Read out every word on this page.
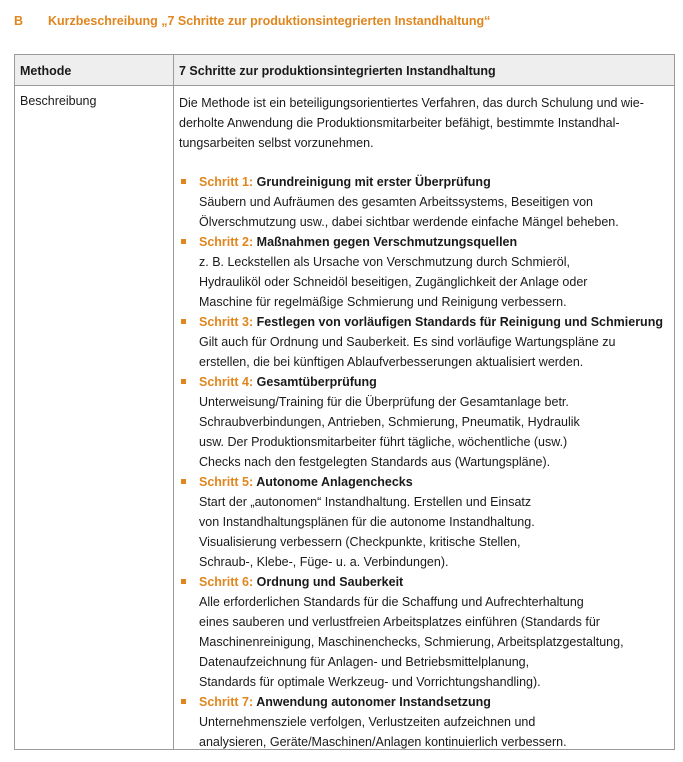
B Kurzbeschreibung „7 Schritte zur produktionsintegrierten Instandhaltung“
Methode	7 Schritte zur produktionsintegrierten Instandhaltung
Beschreibung	Die Methode ist ein beteiligungsorientiertes Verfahren, das durch Schulung und wie-
derholte Anwendung die Produktionsmitarbeiter befähigt, bestimmte Instandhal-
tungsarbeiten selbst vorzunehmen.
Schritt 1: Grundreinigung mit erster Überprüfung
Säubern und Aufräumen des gesamten Arbeitssystems, Beseitigen von
Ölverschmutzung usw., dabei sichtbar werdende einfache Mängel beheben.
Schritt 2: Maßnahmen gegen Verschmutzungsquellen
z. B. Leckstellen als Ursache von Verschmutzung durch Schmieröl,
Hydrauliköl oder Schneidöl beseitigen, Zugänglichkeit der Anlage oder
Maschine für regelmäßige Schmierung und Reinigung verbessern.
Schritt 3: Festlegen von vorläufigen Standards für Reinigung und Schmierung
Gilt auch für Ordnung und Sauberkeit. Es sind vorläufige Wartungspläne zu
erstellen, die bei künftigen Ablaufverbesserungen aktualisiert werden.
Schritt 4: Gesamtüberprüfung
Unterweisung/Training für die Überprüfung der Gesamtanlage betr.
Schraubverbindungen, Antrieben, Schmierung, Pneumatik, Hydraulik
usw. Der Produktionsmitarbeiter führt tägliche, wöchentliche (usw.)
Checks nach den festgelegten Standards aus (Wartungspläne).
Schritt 5: Autonome Anlagenchecks
Start der „autonomen“ Instandhaltung. Erstellen und Einsatz
von Instandhaltungsplänen für die autonome Instandhaltung.
Visualisierung verbessern (Checkpunkte, kritische Stellen,
Schraub-, Klebe-, Füge- u. a. Verbindungen).
Schritt 6: Ordnung und Sauberkeit
Alle erforderlichen Standards für die Schaffung und Aufrechterhaltung
eines sauberen und verlustfreien Arbeitsplatzes einführen (Standards für
Maschinenreinigung, Maschinenchecks, Schmierung, Arbeitsplatzgestaltung,
Datenaufzeichnung für Anlagen- und Betriebsmittelplanung,
Standards für optimale Werkzeug- und Vorrichtungshandling).
Schritt 7: Anwendung autonomer Instandsetzung
Unternehmensziele verfolgen, Verlustzeiten aufzeichnen und
analysieren, Geräte/Maschinen/Anlagen kontinuierlich verbessern.
